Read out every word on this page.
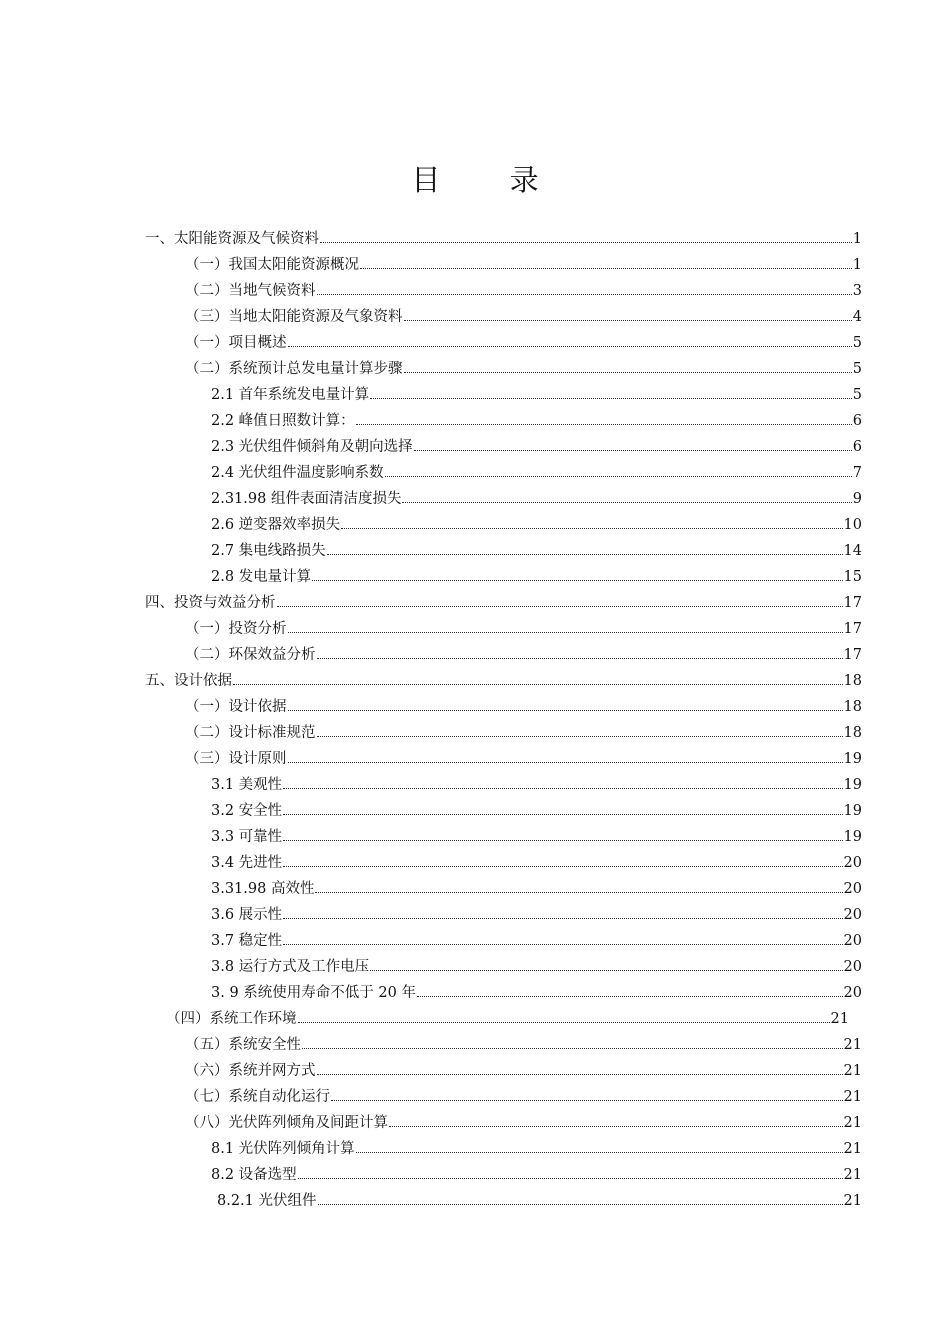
目 录
一、太阳能资源及气候资料	1
（一）我国太阳能资源概况	1
（二）当地气候资料	3
（三）当地太阳能资源及气象资料	4
（一）项目概述	5
（二）系统预计总发电量计算步骤	5
2.1 首年系统发电量计算	5
2.2 峰值日照数计算：	6
2.3 光伏组件倾斜角及朝向选择	6
2.4 光伏组件温度影响系数	7
2.31.98 组件表面清洁度损失	9
2.6 逆变器效率损失	10
2.7 集电线路损失	14
2.8 发电量计算	15
四、投资与效益分析	17
（一）投资分析	17
（二）环保效益分析	17
五、设计依据	18
（一）设计依据	18
（二）设计标准规范	18
（三）设计原则	19
3.1 美观性	19
3.2 安全性	19
3.3 可靠性	19
3.4 先进性	20
3.31.98 高效性	20
3.6 展示性	20
3.7 稳定性	20
3.8 运行方式及工作电压	20
3. 9 系统使用寿命不低于 20 年	20
（四）系统工作环境	21
（五）系统安全性	21
（六）系统并网方式	21
（七）系统自动化运行	21
（八）光伏阵列倾角及间距计算	21
8.1 光伏阵列倾角计算	21
8.2 设备选型	21
8.2.1 光伏组件	21
